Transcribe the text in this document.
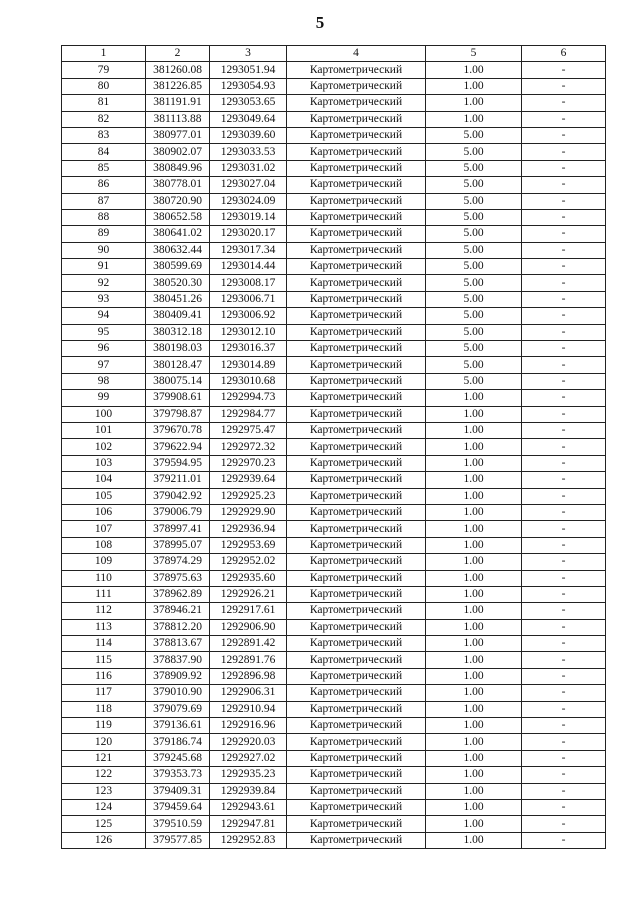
5
1	2	3	4	5	6
79	381260.08	1293051.94	Картометрический	1.00	-
80	381226.85	1293054.93	Картометрический	1.00	-
81	381191.91	1293053.65	Картометрический	1.00	-
82	381113.88	1293049.64	Картометрический	1.00	-
83	380977.01	1293039.60	Картометрический	5.00	-
84	380902.07	1293033.53	Картометрический	5.00	-
85	380849.96	1293031.02	Картометрический	5.00	-
86	380778.01	1293027.04	Картометрический	5.00	-
87	380720.90	1293024.09	Картометрический	5.00	-
88	380652.58	1293019.14	Картометрический	5.00	-
89	380641.02	1293020.17	Картометрический	5.00	-
90	380632.44	1293017.34	Картометрический	5.00	-
91	380599.69	1293014.44	Картометрический	5.00	-
92	380520.30	1293008.17	Картометрический	5.00	-
93	380451.26	1293006.71	Картометрический	5.00	-
94	380409.41	1293006.92	Картометрический	5.00	-
95	380312.18	1293012.10	Картометрический	5.00	-
96	380198.03	1293016.37	Картометрический	5.00	-
97	380128.47	1293014.89	Картометрический	5.00	-
98	380075.14	1293010.68	Картометрический	5.00	-
99	379908.61	1292994.73	Картометрический	1.00	-
100	379798.87	1292984.77	Картометрический	1.00	-
101	379670.78	1292975.47	Картометрический	1.00	-
102	379622.94	1292972.32	Картометрический	1.00	-
103	379594.95	1292970.23	Картометрический	1.00	-
104	379211.01	1292939.64	Картометрический	1.00	-
105	379042.92	1292925.23	Картометрический	1.00	-
106	379006.79	1292929.90	Картометрический	1.00	-
107	378997.41	1292936.94	Картометрический	1.00	-
108	378995.07	1292953.69	Картометрический	1.00	-
109	378974.29	1292952.02	Картометрический	1.00	-
110	378975.63	1292935.60	Картометрический	1.00	-
111	378962.89	1292926.21	Картометрический	1.00	-
112	378946.21	1292917.61	Картометрический	1.00	-
113	378812.20	1292906.90	Картометрический	1.00	-
114	378813.67	1292891.42	Картометрический	1.00	-
115	378837.90	1292891.76	Картометрический	1.00	-
116	378909.92	1292896.98	Картометрический	1.00	-
117	379010.90	1292906.31	Картометрический	1.00	-
118	379079.69	1292910.94	Картометрический	1.00	-
119	379136.61	1292916.96	Картометрический	1.00	-
120	379186.74	1292920.03	Картометрический	1.00	-
121	379245.68	1292927.02	Картометрический	1.00	-
122	379353.73	1292935.23	Картометрический	1.00	-
123	379409.31	1292939.84	Картометрический	1.00	-
124	379459.64	1292943.61	Картометрический	1.00	-
125	379510.59	1292947.81	Картометрический	1.00	-
126	379577.85	1292952.83	Картометрический	1.00	-
